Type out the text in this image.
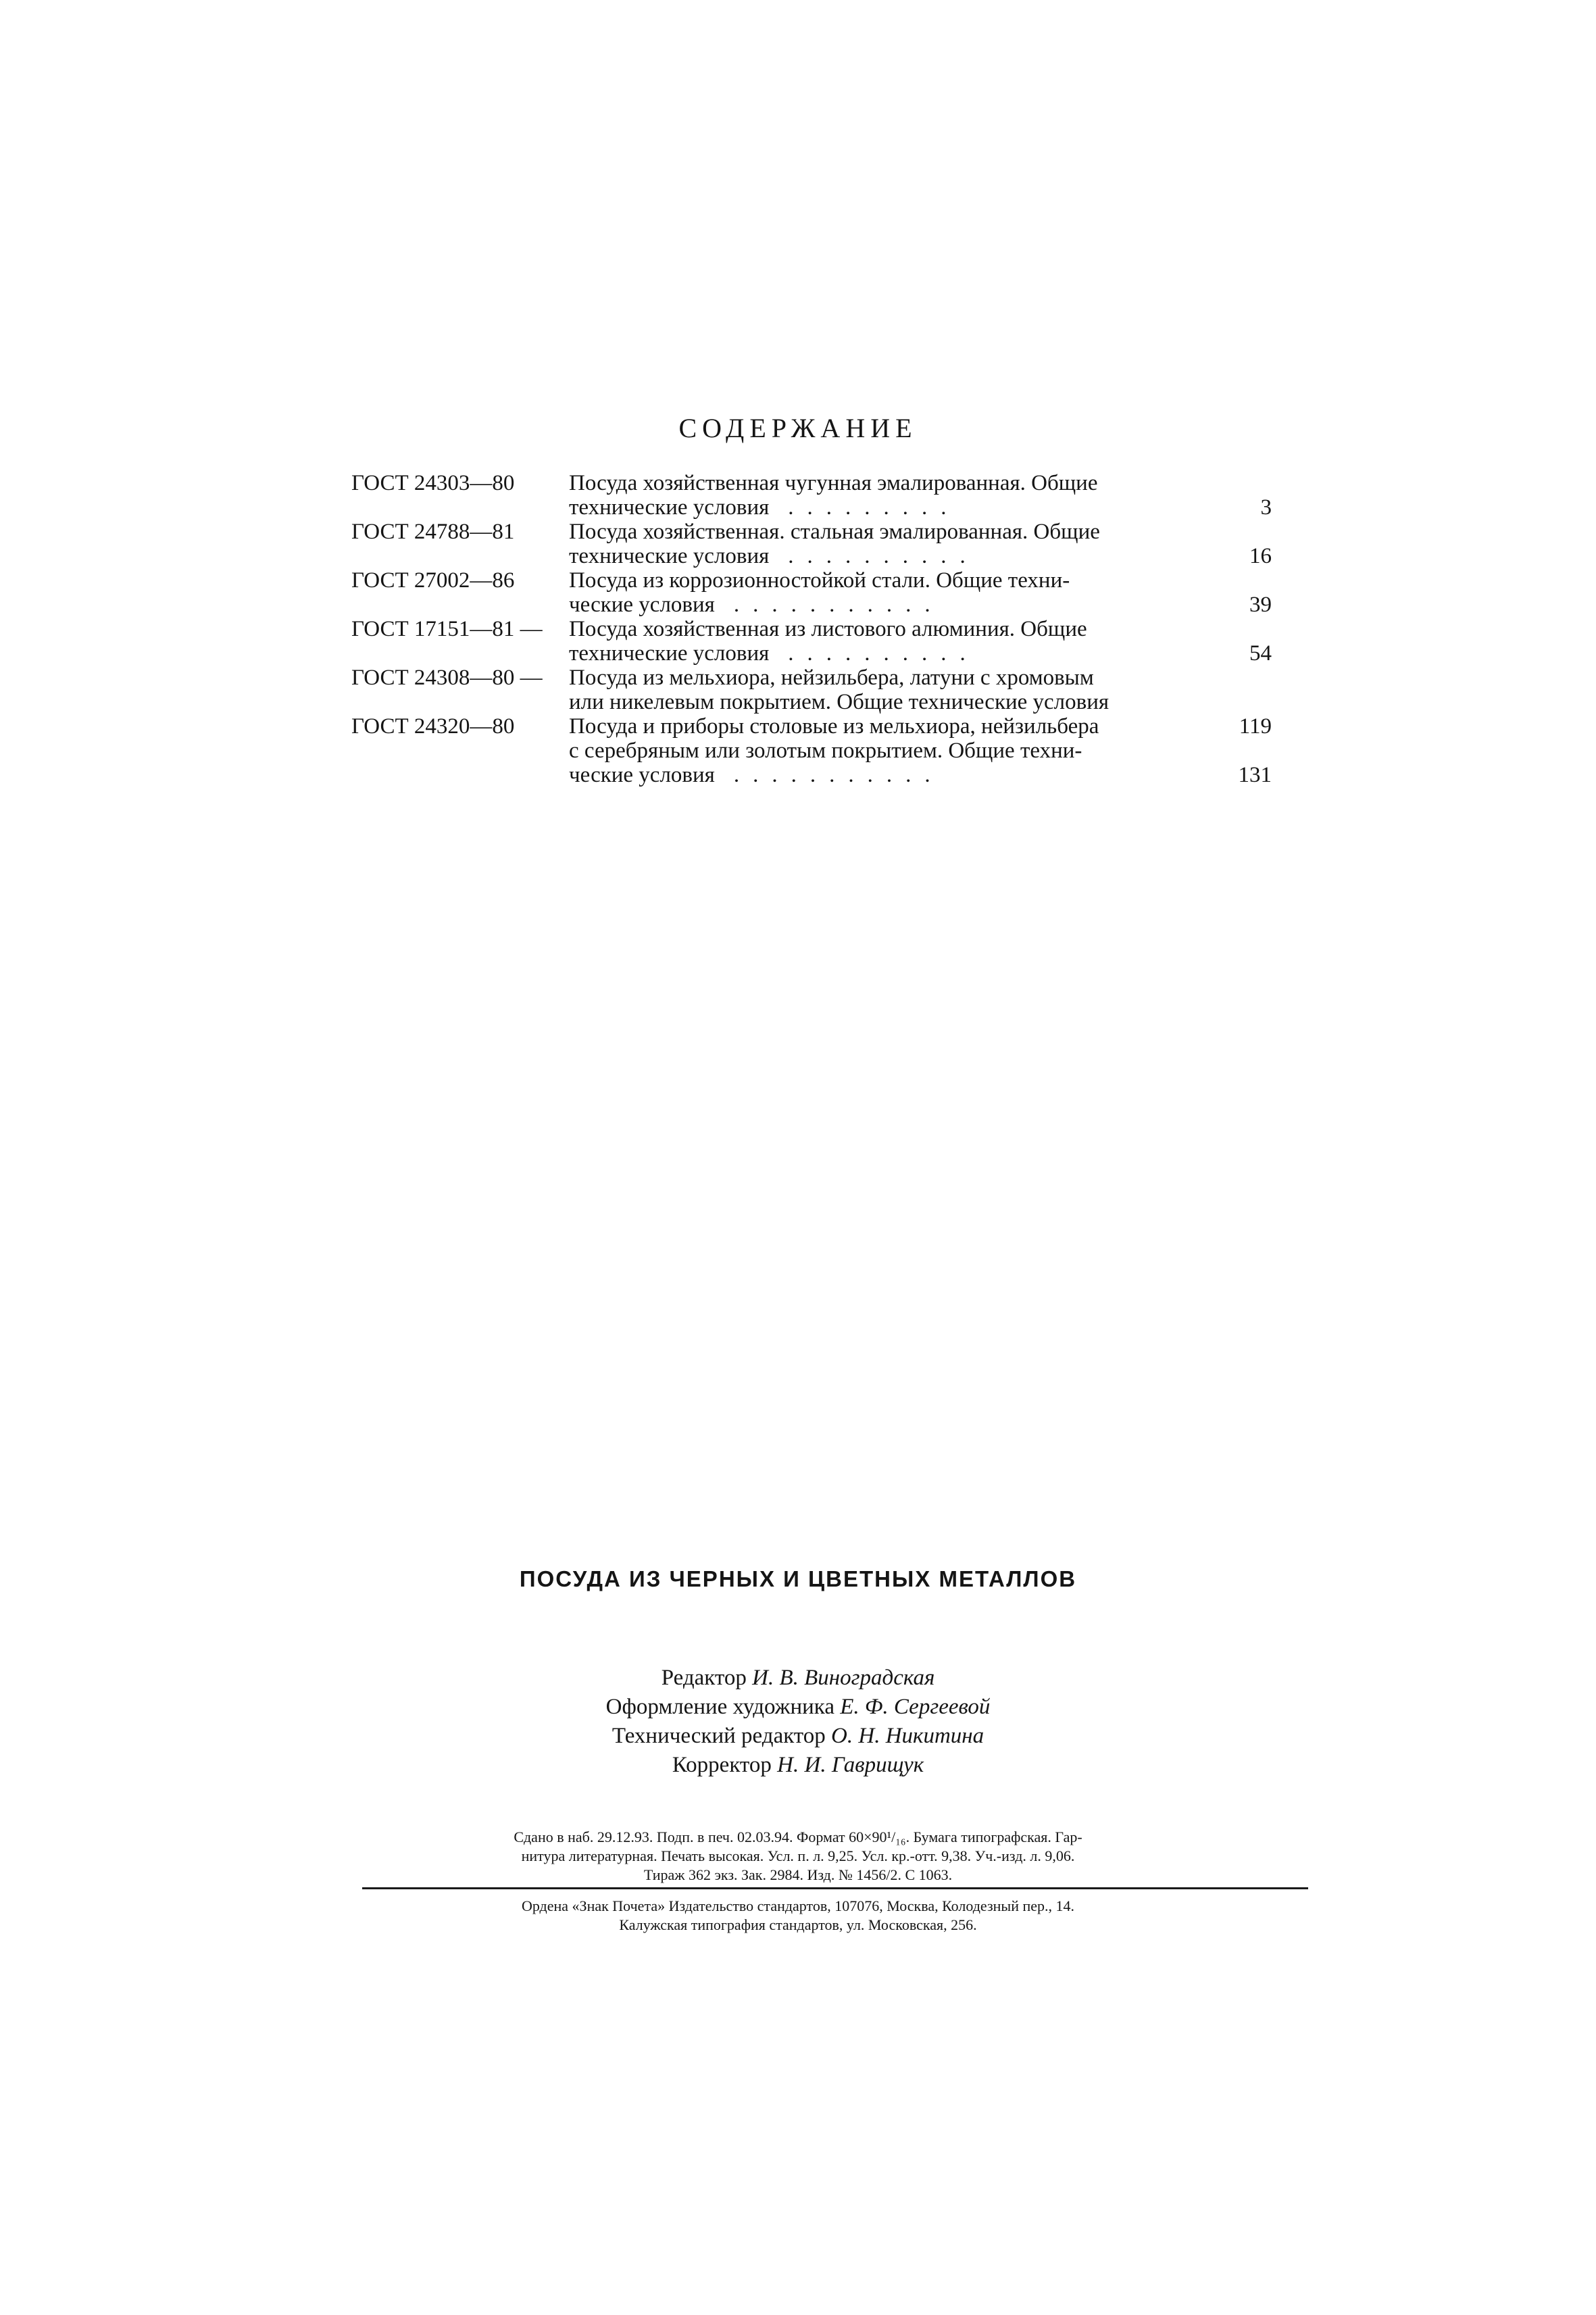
СОДЕРЖАНИЕ
ГОСТ 24303—80 Посуда хозяйственная чугунная эмалированная. Общие
технические условия .........	3
ГОСТ 24788—81 Посуда хозяйственная. стальная эмалированная. Общие
технические условия ..........	16
ГОСТ 27002—86 Посуда из коррозионностойкой стали. Общие техни-
ческие условия ...........	39
ГОСТ 17151—81 — Посуда хозяйственная из листового алюминия. Общие
технические условия ..........	54
ГОСТ 24308—80 — Посуда из мельхиора, нейзильбера, латуни с хромовым
или никелевым покрытием. Общие технические условия
ГОСТ 24320—80 Посуда и приборы столовые из мельхиора, нейзильбера	119
с серебряным или золотым покрытием. Общие техни-
ческие условия ...........	131
ПОСУДА ИЗ ЧЕРНЫХ И ЦВЕТНЫХ МЕТАЛЛОВ
Редактор И. В. Виноградская
Оформление художника Е. Ф. Сергеевой
Технический редактор О. Н. Никитина
Корректор Н. И. Гаврищук
Сдано в наб. 29.12.93. Подп. в печ. 02.03.94. Формат 60×90¹/₁₆. Бумага типографская. Гар-
нитура литературная. Печать высокая. Усл. п. л. 9,25. Усл. кр.-отт. 9,38. Уч.-изд. л. 9,06.
Тираж 362 экз. Зак. 2984. Изд. № 1456/2. С 1063.
Ордена «Знак Почета» Издательство стандартов, 107076, Москва, Колодезный пер., 14.
Калужская типография стандартов, ул. Московская, 256.
